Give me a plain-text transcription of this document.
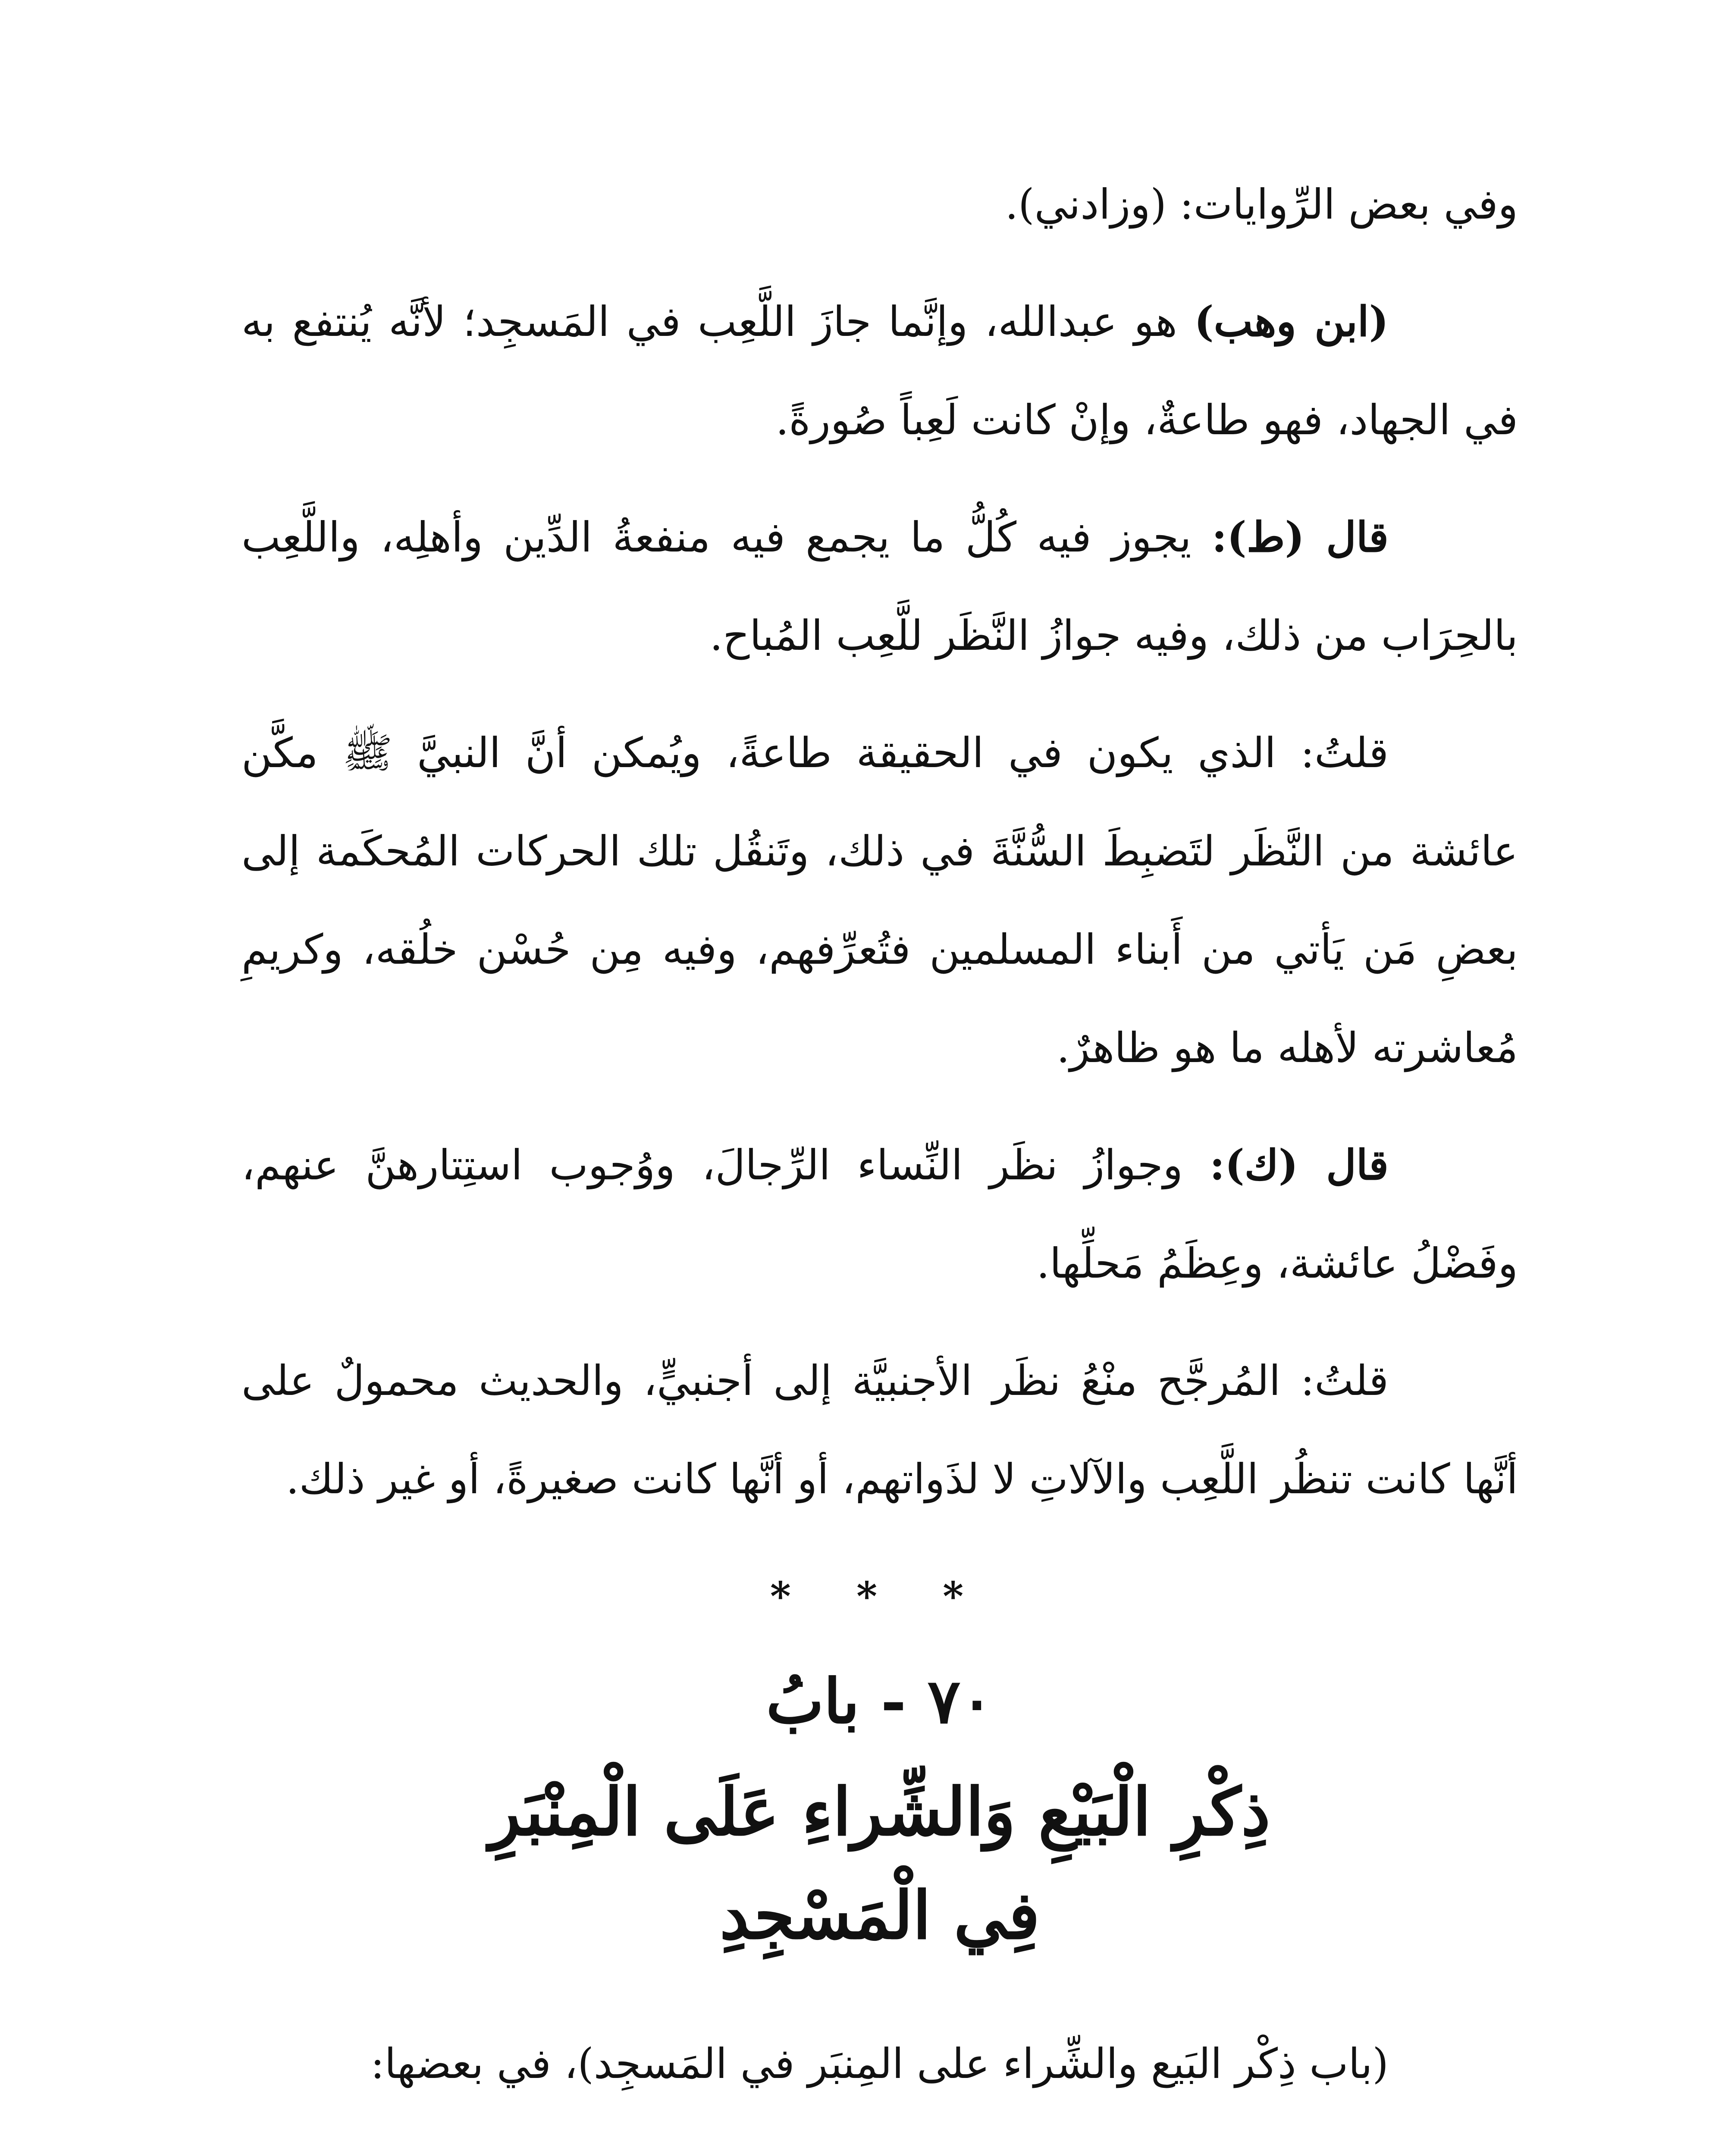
وفي بعض الرِّوايات: (وزادني).

(ابن وهب) هو عبدالله، وإنَّما جازَ اللَّعِب في المَسجِد؛ لأنَّه يُنتفع به في الجهاد، فهو طاعةٌ، وإنْ كانت لَعِباً صُورةً.

قال (ط): يجوز فيه كُلُّ ما يجمع فيه منفعةُ الدِّين وأهلِه، واللَّعِب بالحِرَاب من ذلك، وفيه جوازُ النَّظَر للَّعِب المُباح.

قلتُ: الذي يكون في الحقيقة طاعةً، ويُمكن أنَّ النبيَّ ﷺ مكَّن عائشة من النَّظَر لتَضبِطَ السُّنَّةَ في ذلك، وتَنقُل تلك الحركات المُحكَمة إلى بعضِ مَن يَأتي من أَبناء المسلمين فتُعرِّفهم، وفيه مِن حُسْن خلُقه، وكريمِ مُعاشرته لأهله ما هو ظاهرٌ.

قال (ك): وجوازُ نظَر النِّساء الرِّجالَ، ووُجوب استِتارهنَّ عنهم، وفَضْلُ عائشة، وعِظَمُ مَحلِّها.

قلتُ: المُرجَّح منْعُ نظَر الأجنبيَّة إلى أجنبيٍّ، والحديث محمولٌ على أنَّها كانت تنظُر اللَّعِب والآلاتِ لا لذَواتهم، أو أنَّها كانت صغيرةً، أو غير ذلك.

* * *
٧٠ - بابُ
ذِكْرِ الْبَيْعِ وَالشِّراءِ عَلَى الْمِنْبَرِ
فِي الْمَسْجِدِ

(باب ذِكْر البَيع والشِّراء على المِنبَر في المَسجِد)، في بعضها:
